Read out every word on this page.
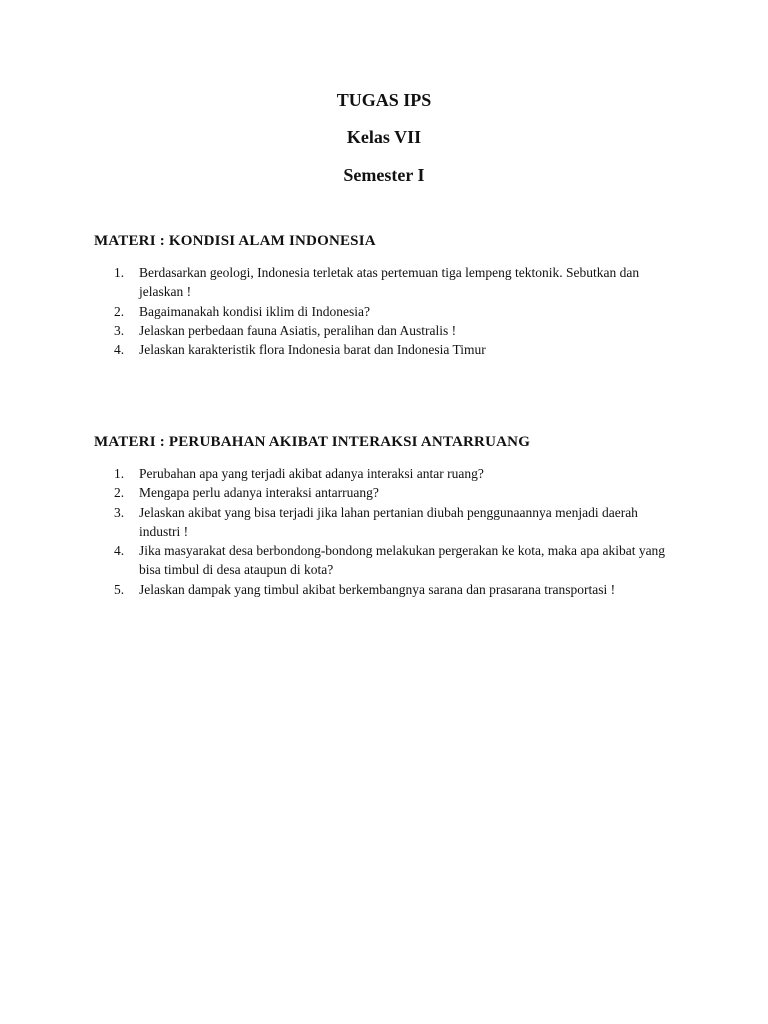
TUGAS IPS
Kelas VII
Semester I

MATERI : KONDISI ALAM INDONESIA

1.	Berdasarkan geologi, Indonesia terletak atas pertemuan tiga lempeng tektonik. Sebutkan dan jelaskan !
2.	Bagaimanakah kondisi iklim di Indonesia?
3.	Jelaskan perbedaan fauna Asiatis, peralihan dan Australis !
4.	Jelaskan karakteristik flora Indonesia barat dan Indonesia Timur

MATERI : PERUBAHAN AKIBAT INTERAKSI ANTARRUANG

1.	Perubahan apa yang terjadi akibat adanya interaksi antar ruang?
2.	Mengapa perlu adanya interaksi antarruang?
3.	Jelaskan akibat yang bisa terjadi jika lahan pertanian diubah penggunaannya menjadi daerah industri !
4.	Jika masyarakat desa berbondong-bondong melakukan pergerakan ke kota, maka apa akibat yang bisa timbul di desa ataupun di kota?
5.	Jelaskan dampak yang timbul akibat berkembangnya sarana dan prasarana transportasi !
